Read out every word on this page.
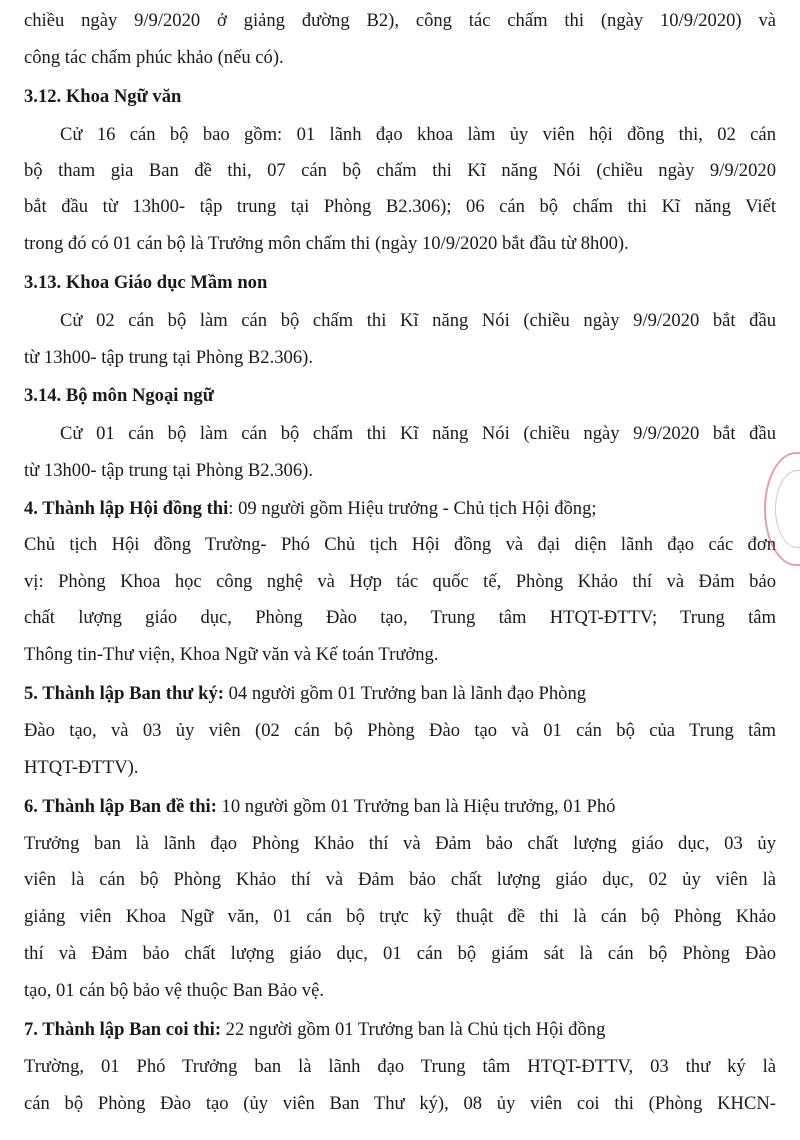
chiều ngày 9/9/2020 ở giảng đường B2), công tác chấm thi (ngày 10/9/2020) và
công tác chấm phúc khảo (nếu có).
3.12. Khoa Ngữ văn
Cử 16 cán bộ bao gồm: 01 lãnh đạo khoa làm ủy viên hội đồng thi, 02 cán
bộ tham gia Ban đề thi, 07 cán bộ chấm thi Kĩ năng Nói (chiều ngày 9/9/2020
bắt đầu từ 13h00- tập trung tại Phòng B2.306); 06 cán bộ chấm thi Kĩ năng Viết
trong đó có 01 cán bộ là Trưởng môn chấm thi (ngày 10/9/2020 bắt đầu từ 8h00).
3.13. Khoa Giáo dục Mầm non
Cử 02 cán bộ làm cán bộ chấm thi Kĩ năng Nói (chiều ngày 9/9/2020 bắt đầu
từ 13h00- tập trung tại Phòng B2.306).
3.14. Bộ môn Ngoại ngữ
Cử 01 cán bộ làm cán bộ chấm thi Kĩ năng Nói (chiều ngày 9/9/2020 bắt đầu
từ 13h00- tập trung tại Phòng B2.306).
4. Thành lập Hội đồng thi: 09 người gồm Hiệu trưởng - Chủ tịch Hội đồng;
Chủ tịch Hội đồng Trường- Phó Chủ tịch Hội đồng và đại diện lãnh đạo các đơn
vị: Phòng Khoa học công nghệ và Hợp tác quốc tế, Phòng Khảo thí và Đảm bảo
chất lượng giáo dục, Phòng Đào tạo, Trung tâm HTQT-ĐTTV; Trung tâm
Thông tin-Thư viện, Khoa Ngữ văn và Kế toán Trưởng.
5. Thành lập Ban thư ký: 04 người gồm 01 Trưởng ban là lãnh đạo Phòng
Đào tạo, và 03 ủy viên (02 cán bộ Phòng Đào tạo và 01 cán bộ của Trung tâm
HTQT-ĐTTV).
6. Thành lập Ban đề thi: 10 người gồm 01 Trưởng ban là Hiệu trưởng, 01 Phó
Trưởng ban là lãnh đạo Phòng Khảo thí và Đảm bảo chất lượng giáo dục, 03 ủy
viên là cán bộ Phòng Khảo thí và Đảm bảo chất lượng giáo dục, 02 ủy viên là
giảng viên Khoa Ngữ văn, 01 cán bộ trực kỹ thuật đề thi là cán bộ Phòng Khảo
thí và Đảm bảo chất lượng giáo dục, 01 cán bộ giám sát là cán bộ Phòng Đào
tạo, 01 cán bộ bảo vệ thuộc Ban Bảo vệ.
7. Thành lập Ban coi thi: 22 người gồm 01 Trưởng ban là Chủ tịch Hội đồng
Trường, 01 Phó Trưởng ban là lãnh đạo Trung tâm HTQT-ĐTTV, 03 thư ký là
cán bộ Phòng Đào tạo (ủy viên Ban Thư ký), 08 ủy viên coi thi (Phòng KHCN-
